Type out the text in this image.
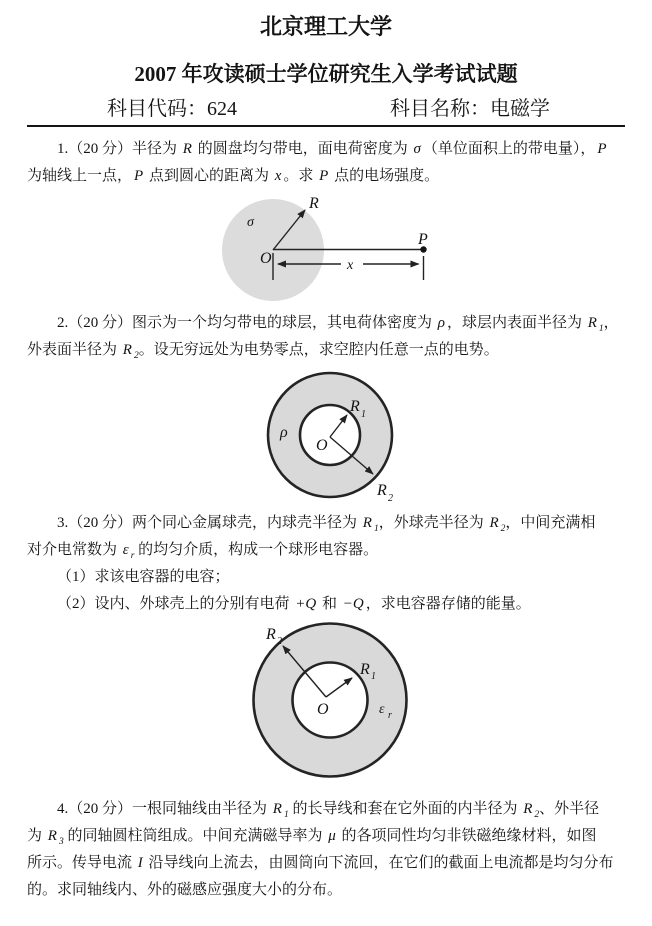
北京理工大学
2007 年攻读硕士学位研究生入学考试试题
科目代码：624	科目名称：电磁学
1.（20 分）半径为 R 的圆盘均匀带电，面电荷密度为 σ （单位面积上的带电量）， P
为轴线上一点， P 点到圆心的距离为 x 。求 P 点的电场强度。
σ
R
O
P
x
2.（20 分）图示为一个均匀带电的球层，其电荷体密度为 ρ ，球层内表面半径为 R $_1$，
外表面半径为 R $_2$。设无穷远处为电势零点，求空腔内任意一点的电势。
ρ
O
R 1
R 2
3.（20 分）两个同心金属球壳，内球壳半径为 R $_1$，外球壳半径为 R $_2$，中间充满相
对介电常数为 ε $_r$ 的均匀介质，构成一个球形电容器。
（1）求该电容器的电容；
（2）设内、外球壳上的分别有电荷 +Q 和 −Q ，求电容器存储的能量。
R 2
R 1
O	ε r
4.（20 分）一根同轴线由半径为 R $_1$ 的长导线和套在它外面的内半径为 R $_2$、外半径
为 R $_3$ 的同轴圆柱筒组成。中间充满磁导率为 μ 的各项同性均匀非铁磁绝缘材料，如图
所示。传导电流 I 沿导线向上流去，由圆筒向下流回，在它们的截面上电流都是均匀分布
的。求同轴线内、外的磁感应强度大小的分布。
